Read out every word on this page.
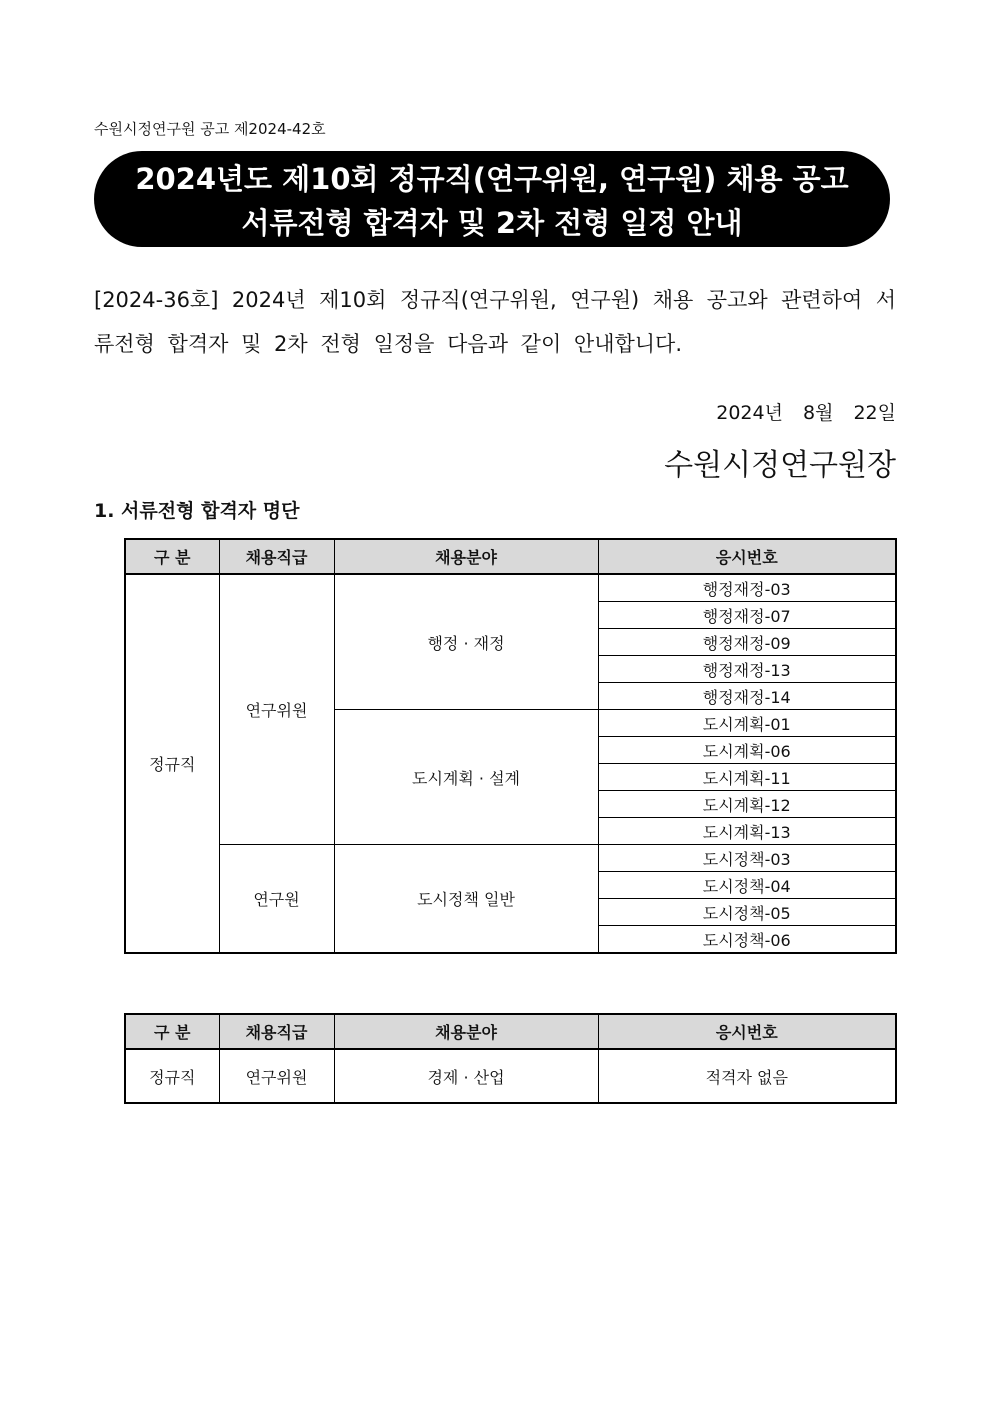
수원시정연구원 공고 제2024-42호
2024년도 제10회 정규직(연구위원, 연구원) 채용 공고
서류전형 합격자 및 2차 전형 일정 안내
[2024-36호] 2024년 제10회 정규직(연구위원, 연구원) 채용 공고와 관련하여 서류전형 합격자 및 2차 전형 일정을 다음과 같이 안내합니다.
2024년 8월 22일
수원시정연구원장
1. 서류전형 합격자 명단
구 분	채용직급	채용분야	응시번호
정규직	연구위원	행정 · 재정	행정재정-03
			행정재정-07
			행정재정-09
			행정재정-13
			행정재정-14
		도시계획 · 설계	도시계획-01
			도시계획-06
			도시계획-11
			도시계획-12
			도시계획-13
	연구원	도시정책 일반	도시정책-03
			도시정책-04
			도시정책-05
			도시정책-06
구 분	채용직급	채용분야	응시번호
정규직	연구위원	경제 · 산업	적격자 없음
